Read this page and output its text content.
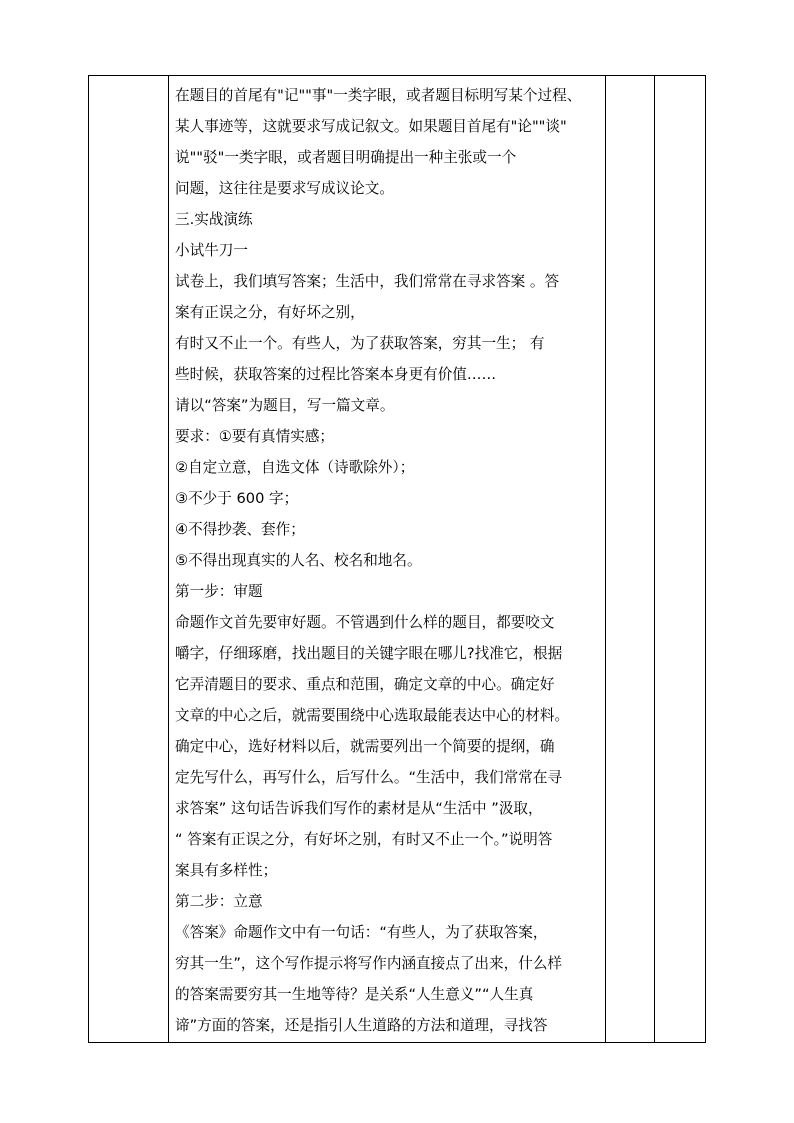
在题目的首尾有"记""事"一类字眼，或者题目标明写某个过程、
某人事迹等，这就要求写成记叙文。如果题目首尾有"论""谈"
说""驳"一类字眼，或者题目明确提出一种主张或一个
问题，这往往是要求写成议论文。
三.实战演练
小试牛刀一
试卷上，我们填写答案；生活中，我们常常在寻求答案 。答
案有正误之分，有好坏之别，
有时又不止一个。有些人，为了获取答案，穷其一生； 有
些时候，获取答案的过程比答案本身更有价值……
请以“答案”为题目，写一篇文章。
要求：①要有真情实感；
②自定立意，自选文体（诗歌除外）；
③不少于 600 字；
④不得抄袭、套作；
⑤不得出现真实的人名、校名和地名。
第一步：审题
命题作文首先要审好题。不管遇到什么样的题目，都要咬文
嚼字，仔细琢磨，找出题目的关键字眼在哪儿?找准它，根据
它弄清题目的要求、重点和范围，确定文章的中心。确定好
文章的中心之后，就需要围绕中心选取最能表达中心的材料。
确定中心，选好材料以后，就需要列出一个简要的提纲，确
定先写什么，再写什么，后写什么。“生活中，我们常常在寻
求答案” 这句话告诉我们写作的素材是从“生活中 ”汲取，
“ 答案有正误之分，有好坏之别，有时又不止一个。”说明答
案具有多样性；
第二步：立意
《答案》命题作文中有一句话：“有些人，为了获取答案，
穷其一生”，这个写作提示将写作内涵直接点了出来，什么样
的答案需要穷其一生地等待？是关系“人生意义”“人生真
谛”方面的答案，还是指引人生道路的方法和道理，寻找答
